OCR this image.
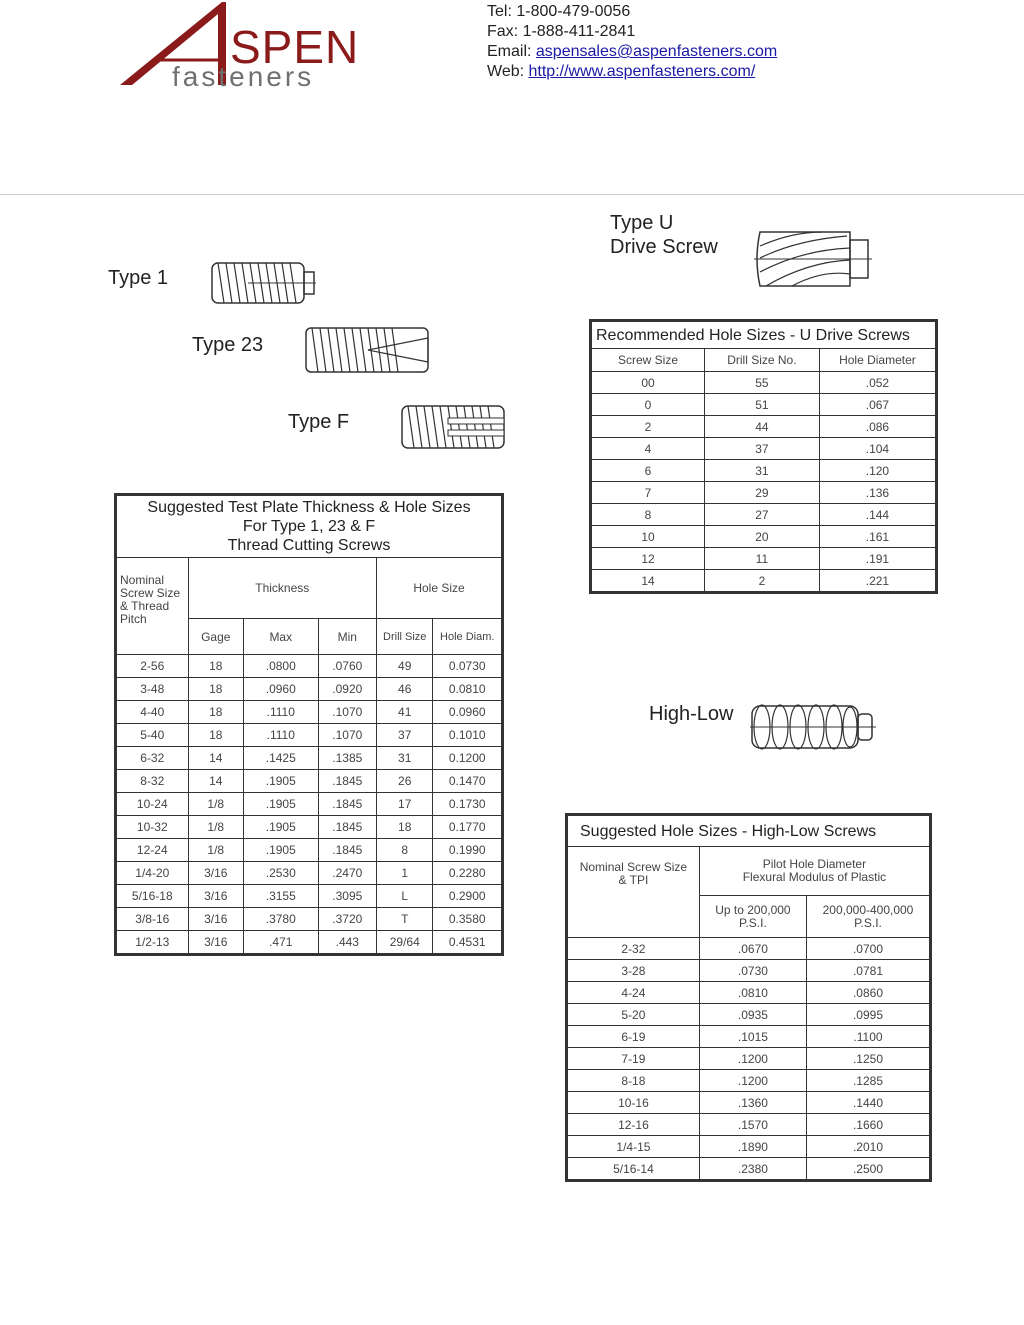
SPEN
fasteners
Tel: 1-800-479-0056
Fax: 1-888-411-2841
Email: aspensales@aspenfasteners.com
Web: http://www.aspenfasteners.com/
Type 1
Type 23
Type F
Type U
Drive Screw
High-Low
Suggested Test Plate Thickness & Hole Sizes
For Type 1, 23 & F
Thread Cutting Screws					

Nominal
Screw Size
& Thread
Pitch	Thickness			Hole Size	
	Gage	Max	Min	Drill Size	Hole Diam.
2-56	18	.0800	.0760	49	0.0730
3-48	18	.0960	.0920	46	0.0810
4-40	18	.1110	.1070	41	0.0960
5-40	18	.1110	.1070	37	0.1010
6-32	14	.1425	.1385	31	0.1200
8-32	14	.1905	.1845	26	0.1470
10-24	1/8	.1905	.1845	17	0.1730
10-32	1/8	.1905	.1845	18	0.1770
12-24	1/8	.1905	.1845	8	0.1990
1/4-20	3/16	.2530	.2470	1	0.2280
5/16-18	3/16	.3155	.3095	L	0.2900
3/8-16	3/16	.3780	.3720	T	0.3580
1/2-13	3/16	.471	.443	29/64	0.4531
Recommended Hole Sizes - U Drive Screws		
Screw Size	Drill Size No.	Hole Diameter
00	55	.052
0	51	.067
2	44	.086
4	37	.104
6	31	.120
7	29	.136
8	27	.144
10	20	.161
12	11	.191
14	2	.221
Suggested Hole Sizes - High-Low Screws		
Nominal Screw Size
& TPI	Pilot Hole Diameter
Flexural Modulus of Plastic	
	Up to 200,000
P.S.I.	200,000-400,000
P.S.I.
2-32	.0670	.0700
3-28	.0730	.0781
4-24	.0810	.0860
5-20	.0935	.0995
6-19	.1015	.1100
7-19	.1200	.1250
8-18	.1200	.1285
10-16	.1360	.1440
12-16	.1570	.1660
1/4-15	.1890	.2010
5/16-14	.2380	.2500
